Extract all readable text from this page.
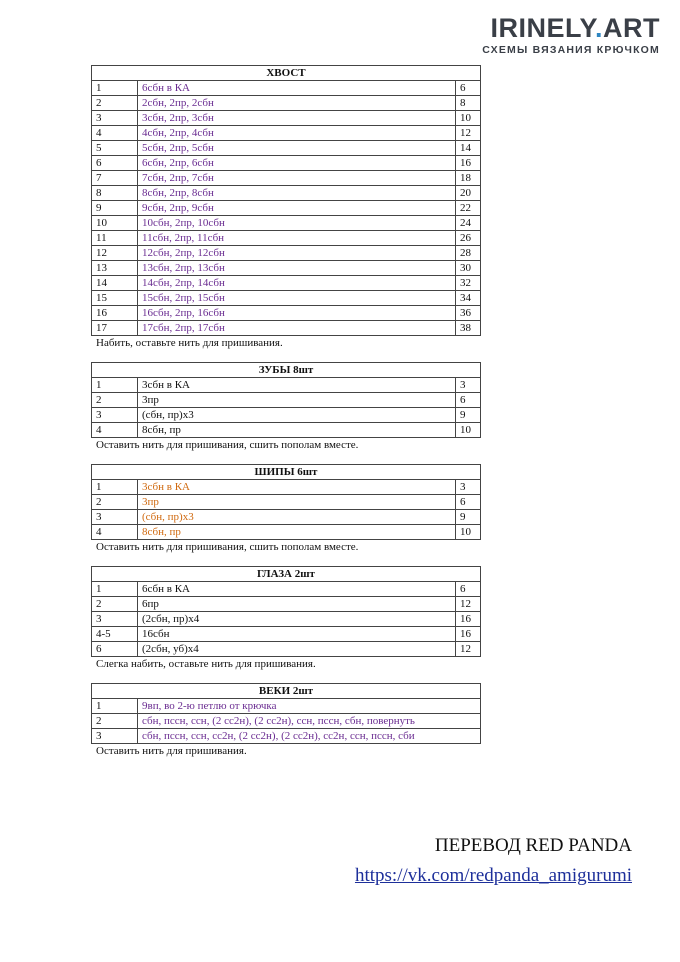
IRINELY.ART
СХЕМЫ ВЯЗАНИЯ КРЮЧКОМ
ХВОСТ		
1	6сбн в КА	6
2	2сбн, 2пр, 2сбн	8
3	3сбн, 2пр, 3сбн	10
4	4сбн, 2пр, 4сбн	12
5	5сбн, 2пр, 5сбн	14
6	6сбн, 2пр, 6сбн	16
7	7сбн, 2пр, 7сбн	18
8	8сбн, 2пр, 8сбн	20
9	9сбн, 2пр, 9сбн	22
10	10сбн, 2пр, 10сбн	24
11	11сбн, 2пр, 11сбн	26
12	12сбн, 2пр, 12сбн	28
13	13сбн, 2пр, 13сбн	30
14	14сбн, 2пр, 14сбн	32
15	15сбн, 2пр, 15сбн	34
16	16сбн, 2пр, 16сбн	36
17	17сбн, 2пр, 17сбн	38
Набить, оставьте нить для пришивания.
ЗУБЫ 8шт		
1	3сбн в КА	3
2	3пр	6
3	(сбн, пр)x3	9
4	8сбн, пр	10
Оставить нить для пришивания, сшить пополам вместе.
ШИПЫ 6шт		
1	3сбн в КА	3
2	3пр	6
3	(сбн, пр)x3	9
4	8сбн, пр	10
Оставить нить для пришивания, сшить пополам вместе.
ГЛАЗА 2шт		
1	6сбн в КА	6
2	6пр	12
3	(2сбн, пр)x4	16
4-5	16сбн	16
6	(2сбн, уб)x4	12
Слегка набить, оставьте нить для пришивания.
ВЕКИ 2шт	
1	9вп, во 2-ю петлю от крючка
2	сбн, пссн, ссн, (2 сс2н), (2 сс2н), ссн, пссн, сбн, повернуть
3	сбн, пссн, ссн, сс2н, (2 сс2н), (2 сс2н), сс2н, ссн, пссн, сби
Оставить нить для пришивания.
ПЕРЕВОД RED PANDA
https://vk.com/redpanda_amigurumi
